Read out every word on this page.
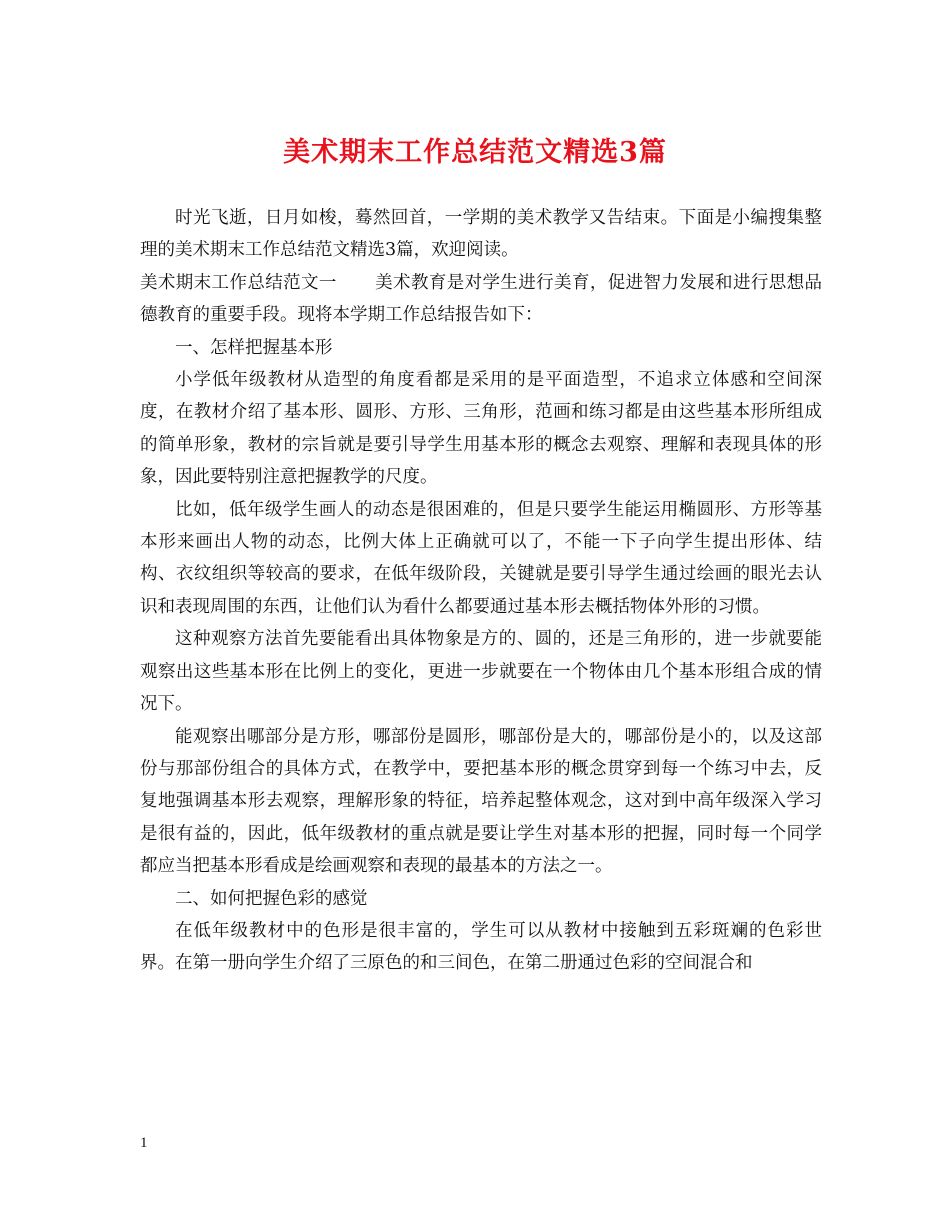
美术期末工作总结范文精选3篇

时光飞逝，日月如梭，蓦然回首，一学期的美术教学又告结束。下面是小编搜集整理的美术期末工作总结范文精选3篇，欢迎阅读。

美术期末工作总结范文一 美术教育是对学生进行美育，促进智力发展和进行思想品德教育的重要手段。现将本学期工作总结报告如下：

一、怎样把握基本形

小学低年级教材从造型的角度看都是采用的是平面造型，不追求立体感和空间深度，在教材介绍了基本形、圆形、方形、三角形，范画和练习都是由这些基本形所组成的简单形象，教材的宗旨就是要引导学生用基本形的概念去观察、理解和表现具体的形象，因此要特别注意把握教学的尺度。

比如，低年级学生画人的动态是很困难的，但是只要学生能运用椭圆形、方形等基本形来画出人物的动态，比例大体上正确就可以了，不能一下子向学生提出形体、结构、衣纹组织等较高的要求，在低年级阶段，关键就是要引导学生通过绘画的眼光去认识和表现周围的东西，让他们认为看什么都要通过基本形去概括物体外形的习惯。

这种观察方法首先要能看出具体物象是方的、圆的，还是三角形的，进一步就要能观察出这些基本形在比例上的变化，更进一步就要在一个物体由几个基本形组合成的情况下。

能观察出哪部分是方形，哪部份是圆形，哪部份是大的，哪部份是小的，以及这部份与那部份组合的具体方式，在教学中，要把基本形的概念贯穿到每一个练习中去，反复地强调基本形去观察，理解形象的特征，培养起整体观念，这对到中高年级深入学习是很有益的，因此，低年级教材的重点就是要让学生对基本形的把握，同时每一个同学都应当把基本形看成是绘画观察和表现的最基本的方法之一。

二、如何把握色彩的感觉

在低年级教材中的色形是很丰富的，学生可以从教材中接触到五彩斑斓的色彩世界。在第一册向学生介绍了三原色的和三间色，在第二册通过色彩的空间混合和

1
